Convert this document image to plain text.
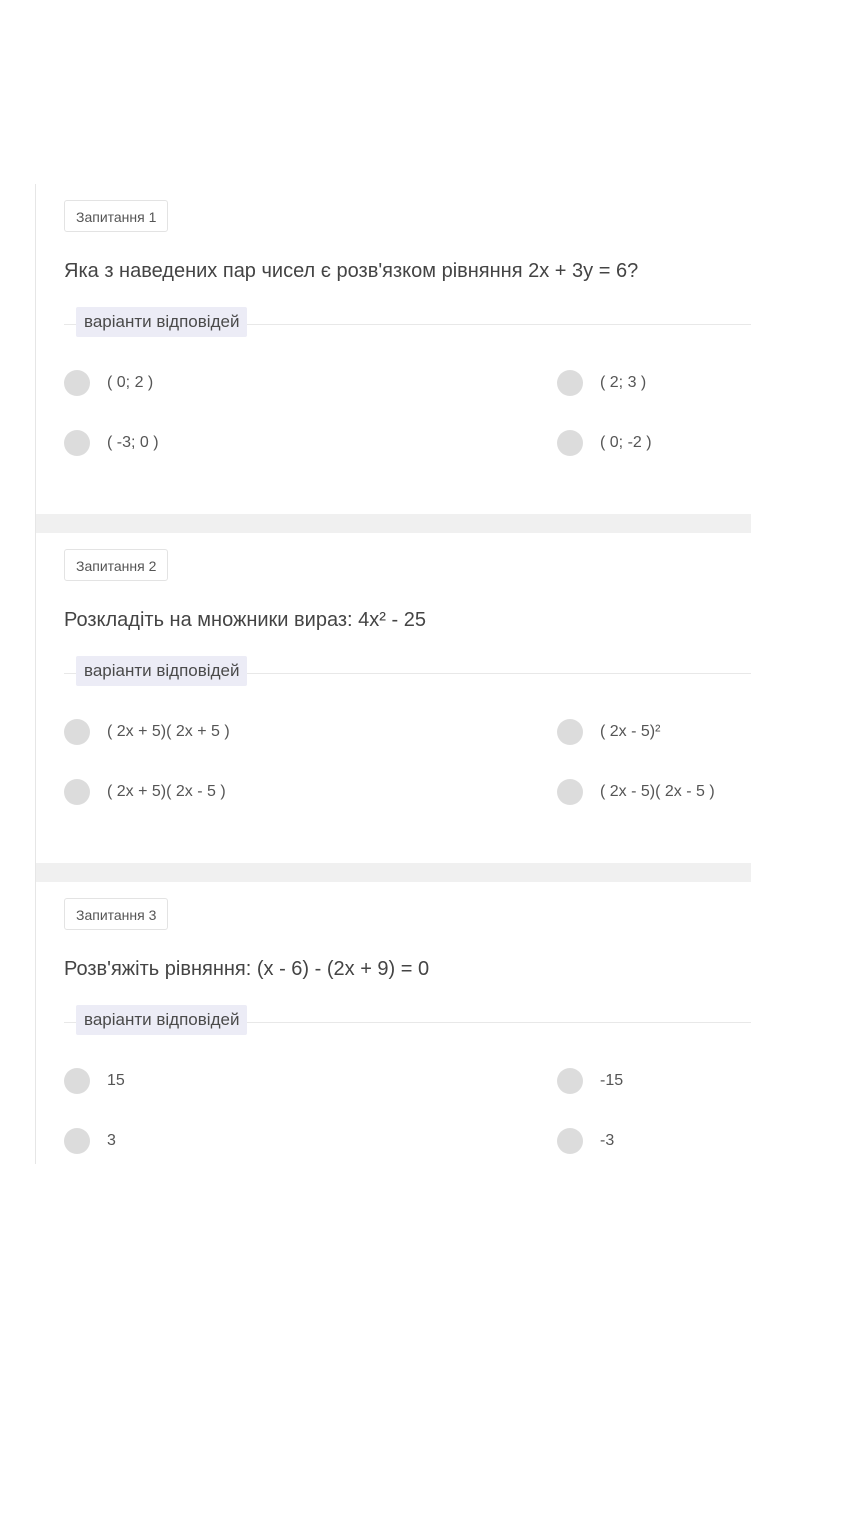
Запитання 1
Яка з наведених пар чисел є розв'язком рівняння 2х + 3у = 6?
варіанти відповідей
( 0; 2 )	( 2; 3 )
( -3; 0 )	( 0; -2 )
Запитання 2
Розкладіть на множники вираз: 4х² - 25
варіанти відповідей
( 2х + 5)( 2х + 5 )	( 2х - 5)²
( 2х + 5)( 2х - 5 )	( 2х - 5)( 2х - 5 )
Запитання 3
Розв'яжіть рівняння: (х - 6) - (2х + 9) = 0
варіанти відповідей
15	-15
3	-3
